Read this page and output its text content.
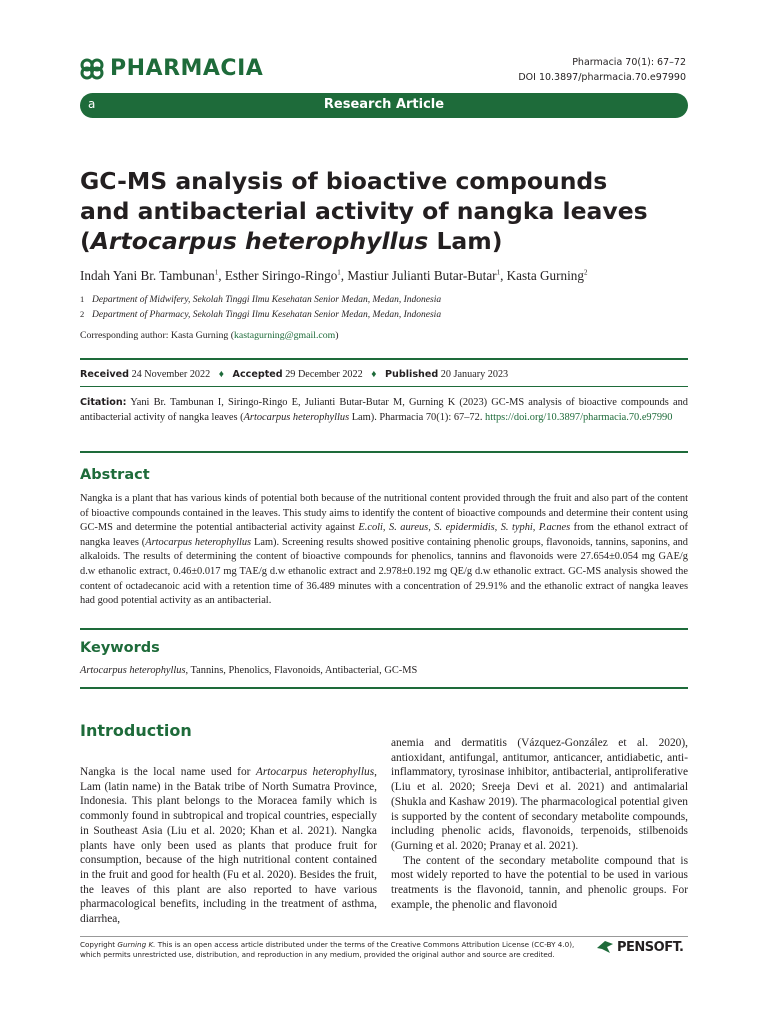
PHARMACIA	Pharmacia 70(1): 67–72
DOI 10.3897/pharmacia.70.e97990
a	Research Article
GC-MS analysis of bioactive compounds
and antibacterial activity of nangka leaves
(Artocarpus heterophyllus Lam)
Indah Yani Br. Tambunan$^1$, Esther Siringo-Ringo$^1$, Mastiur Julianti Butar-Butar$^1$, Kasta Gurning$^2$
1 Department of Midwifery, Sekolah Tinggi Ilmu Kesehatan Senior Medan, Medan, Indonesia
2 Department of Pharmacy, Sekolah Tinggi Ilmu Kesehatan Senior Medan, Medan, Indonesia
Corresponding author: Kasta Gurning (kastagurning@gmail.com)
Received 24 November 2022 ♦ Accepted 29 December 2022 ♦ Published 20 January 2023
Citation: Yani Br. Tambunan I, Siringo-Ringo E, Julianti Butar-Butar M, Gurning K (2023) GC-MS analysis of bioactive compounds and antibacterial activity of nangka leaves (Artocarpus heterophyllus Lam). Pharmacia 70(1): 67–72. https://doi.org/10.3897/pharmacia.70.e97990
Abstract
Nangka is a plant that has various kinds of potential both because of the nutritional content provided through the fruit and also part of the content of bioactive compounds contained in the leaves. This study aims to identify the content of bioactive compounds and determine their content using GC-MS and determine the potential antibacterial activity against E.coli, S. aureus, S. epidermidis, S. typhi, P.acnes from the ethanol extract of nangka leaves (Artocarpus heterophyllus Lam). Screening results showed positive containing phenolic groups, flavonoids, tannins, saponins, and alkaloids. The results of determining the content of bioactive compounds for phenolics, tannins and flavonoids were 27.654±0.054 mg GAE/g d.w ethanolic extract, 0.46±0.017 mg TAE/g d.w ethanolic extract and 2.978±0.192 mg QE/g d.w ethanolic extract. GC-MS analysis showed the content of octadecanoic acid with a retention time of 36.489 minutes with a concentration of 29.91% and the ethanolic extract of nangka leaves had good potential activity as an antibacterial.
Keywords
Artocarpus heterophyllus, Tannins, Phenolics, Flavonoids, Antibacterial, GC-MS
Introduction

Nangka is the local name used for Artocarpus heterophyllus, Lam (latin name) in the Batak tribe of North Sumatra Province, Indonesia. This plant belongs to the Moracea family which is commonly found in subtropical and tropical countries, especially in Southeast Asia (Liu et al. 2020; Khan et al. 2021). Nangka plants have only been used as plants that produce fruit for consumption, because of the high nutritional content contained in the fruit and good for health (Fu et al. 2020). Besides the fruit, the leaves of this plant are also reported to have various pharmacological benefits, including in the treatment of asthma, diarrhea,

anemia and dermatitis (Vázquez-González et al. 2020), antioxidant, antifungal, antitumor, anticancer, antidiabetic, anti-inflammatory, tyrosinase inhibitor, antibacterial, antiproliferative (Liu et al. 2020; Sreeja Devi et al. 2021) and antimalarial (Shukla and Kashaw 2019). The pharmacological potential given is supported by the content of secondary metabolite compounds, including phenolic acids, flavonoids, terpenoids, stilbenoids (Gurning et al. 2020; Pranay et al. 2021).

The content of the secondary metabolite compound that is most widely reported to have the potential to be used in various treatments is the flavonoid, tannin, and phenolic groups. For example, the phenolic and flavonoid

Copyright Gurning K. This is an open access article distributed under the terms of the Creative Commons Attribution License (CC-BY 4.0), which permits unrestricted use, distribution, and reproduction in any medium, provided the original author and source are credited.	PENSOFT.
